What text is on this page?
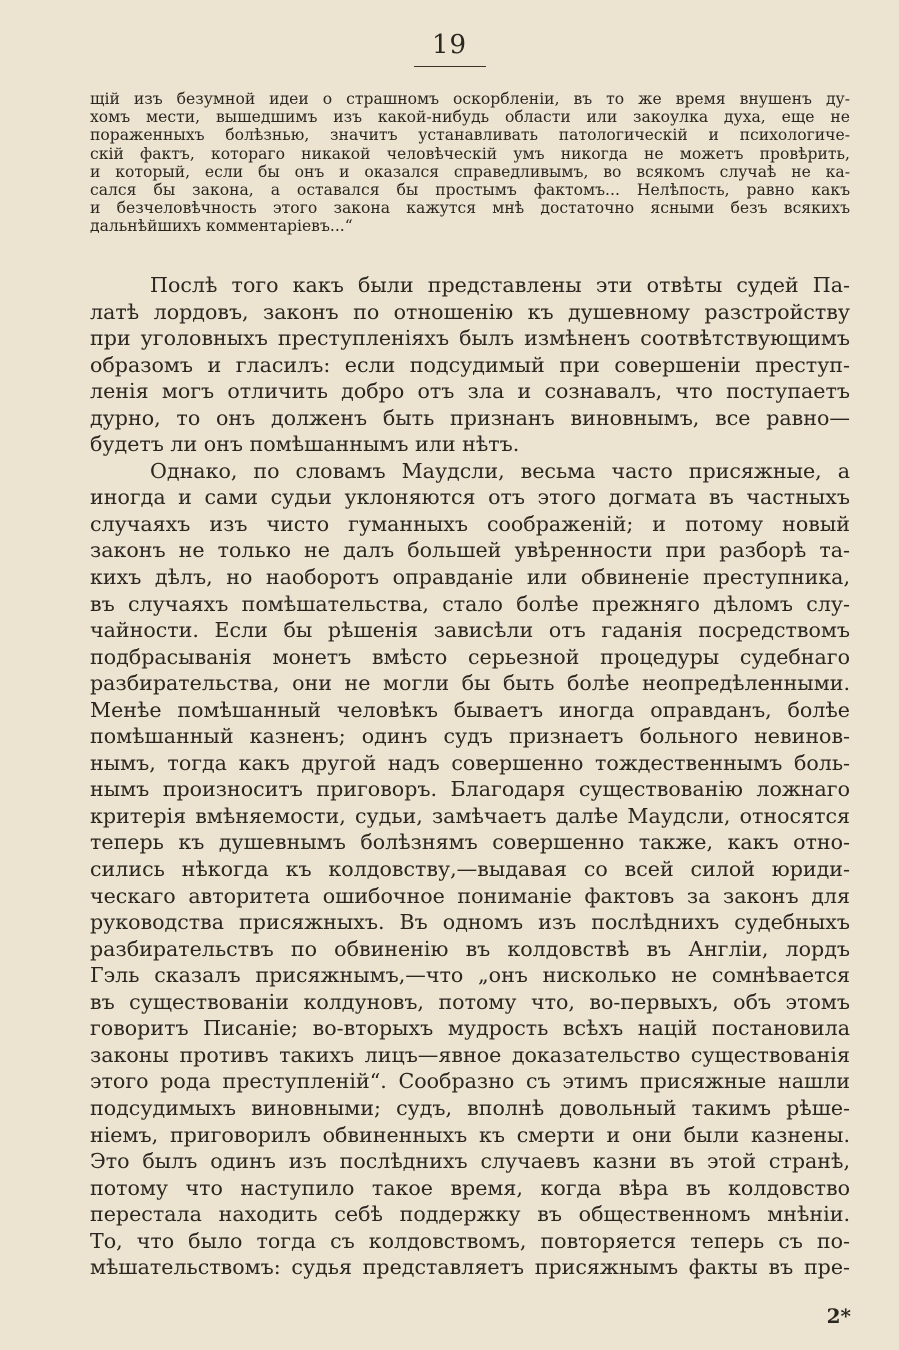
19
щій изъ безумной идеи о страшномъ оскорбленіи, въ то же время внушенъ ду-
хомъ мести, вышедшимъ изъ какой-нибудь области или закоулка духа, еще не
пораженныхъ болѣзнью, значитъ устанавливать патологическій и психологиче-
скій фактъ, котораго никакой человѣческій умъ никогда не можетъ провѣрить,
и который, если бы онъ и оказался справедливымъ, во всякомъ случаѣ не ка-
сался бы закона, а оставался бы простымъ фактомъ... Нелѣпость, равно какъ
и безчеловѣчность этого закона кажутся мнѣ достаточно ясными безъ всякихъ
дальнѣйшихъ комментаріевъ...“
Послѣ того какъ были представлены эти отвѣты судей Па-
латѣ лордовъ, законъ по отношенію къ душевному разстройству
при уголовныхъ преступленіяхъ былъ измѣненъ соотвѣтствующимъ
образомъ и гласилъ: если подсудимый при совершеніи преступ-
ленія могъ отличить добро отъ зла и сознавалъ, что поступаетъ
дурно, то онъ долженъ быть признанъ виновнымъ, все равно—
будетъ ли онъ помѣшаннымъ или нѣтъ.
Однако, по словамъ Маудсли, весьма часто присяжные, а
иногда и сами судьи уклоняются отъ этого догмата въ частныхъ
случаяхъ изъ чисто гуманныхъ соображеній; и потому новый
законъ не только не далъ большей увѣренности при разборѣ та-
кихъ дѣлъ, но наоборотъ оправданіе или обвиненіе преступника,
въ случаяхъ помѣшательства, стало болѣе прежняго дѣломъ слу-
чайности. Если бы рѣшенія зависѣли отъ гаданія посредствомъ
подбрасыванія монетъ вмѣсто серьезной процедуры судебнаго
разбирательства, они не могли бы быть болѣе неопредѣленными.
Менѣе помѣшанный человѣкъ бываетъ иногда оправданъ, болѣе
помѣшанный казненъ; одинъ судъ признаетъ больного невинов-
нымъ, тогда какъ другой надъ совершенно тождественнымъ боль-
нымъ произноситъ приговоръ. Благодаря существованію ложнаго
критерія вмѣняемости, судьи, замѣчаетъ далѣе Маудсли, относятся
теперь къ душевнымъ болѣзнямъ совершенно также, какъ отно-
сились нѣкогда къ колдовству,—выдавая со всей силой юриди-
ческаго авторитета ошибочное пониманіе фактовъ за законъ для
руководства присяжныхъ. Въ одномъ изъ послѣднихъ судебныхъ
разбирательствъ по обвиненію въ колдовствѣ въ Англіи, лордъ
Гэль сказалъ присяжнымъ,—что „онъ нисколько не сомнѣвается
въ существованіи колдуновъ, потому что, во-первыхъ, объ этомъ
говоритъ Писаніе; во-вторыхъ мудрость всѣхъ націй постановила
законы противъ такихъ лицъ—явное доказательство существованія
этого рода преступленій“. Сообразно съ этимъ присяжные нашли
подсудимыхъ виновными; судъ, вполнѣ довольный такимъ рѣше-
ніемъ, приговорилъ обвиненныхъ къ смерти и они были казнены.
Это былъ одинъ изъ послѣднихъ случаевъ казни въ этой странѣ,
потому что наступило такое время, когда вѣра въ колдовство
перестала находить себѣ поддержку въ общественномъ мнѣніи.
То, что было тогда съ колдовствомъ, повторяется теперь съ по-
мѣшательствомъ: судья представляетъ присяжнымъ факты въ пре-
2*
